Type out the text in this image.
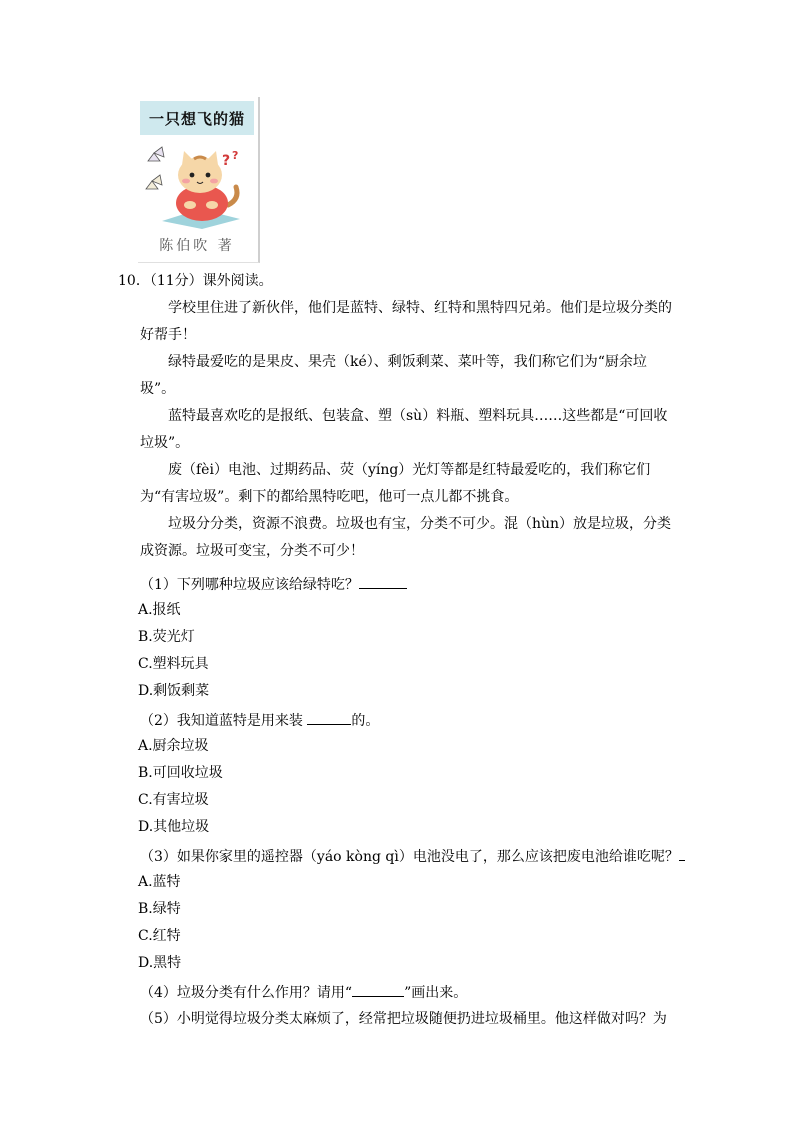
一只想飞的猫
? ?
陈伯吹 著
10．（11分）课外阅读。
学校里住进了新伙伴，他们是蓝特、绿特、红特和黑特四兄弟。他们是垃圾分类的好帮手！
绿特最爱吃的是果皮、果壳（ké）、剩饭剩菜、菜叶等，我们称它们为“厨余垃圾”。
蓝特最喜欢吃的是报纸、包装盒、塑（sù）料瓶、塑料玩具……这些都是“可回收垃圾”。
废（fèi）电池、过期药品、荧（yíng）光灯等都是红特最爱吃的，我们称它们为“有害垃圾”。剩下的都给黑特吃吧，他可一点儿都不挑食。
垃圾分分类，资源不浪费。垃圾也有宝，分类不可少。混（hùn）放是垃圾，分类成资源。垃圾可变宝，分类不可少！
（1）下列哪种垃圾应该给绿特吃？
A.报纸
B.荧光灯
C.塑料玩具
D.剩饭剩菜
（2）我知道蓝特是用来装	的。
A.厨余垃圾
B.可回收垃圾
C.有害垃圾
D.其他垃圾
（3）如果你家里的遥控器（yáo kòng qì）电池没电了，那么应该把废电池给谁吃呢？
A.蓝特
B.绿特
C.红特
D.黑特
（4）垃圾分类有什么作用？请用“	”画出来。
（5）小明觉得垃圾分类太麻烦了，经常把垃圾随便扔进垃圾桶里。他这样做对吗？为
